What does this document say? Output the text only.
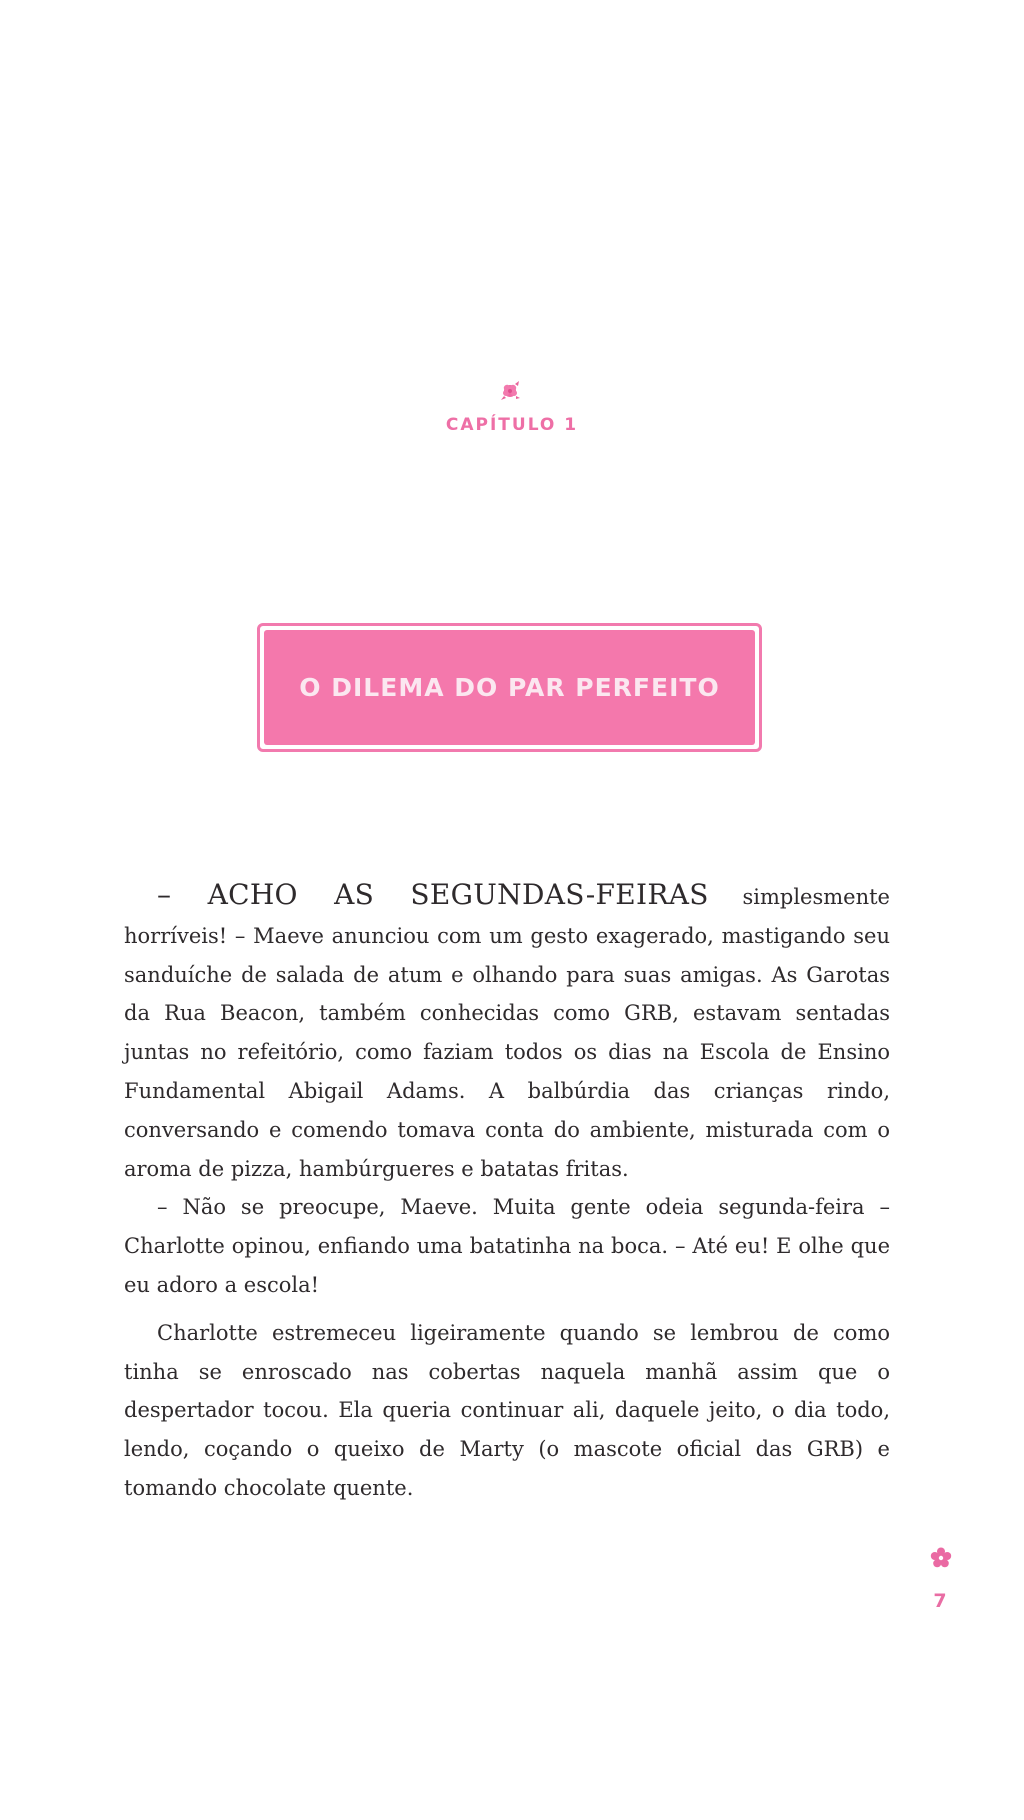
CAPÍTULO 1
O DILEMA DO PAR PERFEITO

– ACHO AS SEGUNDAS-FEIRAS simplesmente horríveis! – Maeve anunciou com um gesto exagerado, mastigando seu sanduíche de salada de atum e olhando para suas amigas. As Garotas da Rua Beacon, também conhecidas como GRB, estavam sentadas juntas no refeitório, como faziam todos os dias na Escola de Ensino Fundamental Abigail Adams. A balbúrdia das crianças rindo, conversando e comendo tomava conta do ambiente, misturada com o aroma de pizza, hambúrgueres e batatas fritas.

– Não se preocupe, Maeve. Muita gente odeia segunda-feira – Charlotte opinou, enfiando uma batatinha na boca. – Até eu! E olhe que eu adoro a escola!

Charlotte estremeceu ligeiramente quando se lembrou de como tinha se enroscado nas cobertas naquela manhã assim que o despertador tocou. Ela queria continuar ali, daquele jeito, o dia todo, lendo, coçando o queixo de Marty (o mascote oficial das GRB) e tomando chocolate quente.

7
